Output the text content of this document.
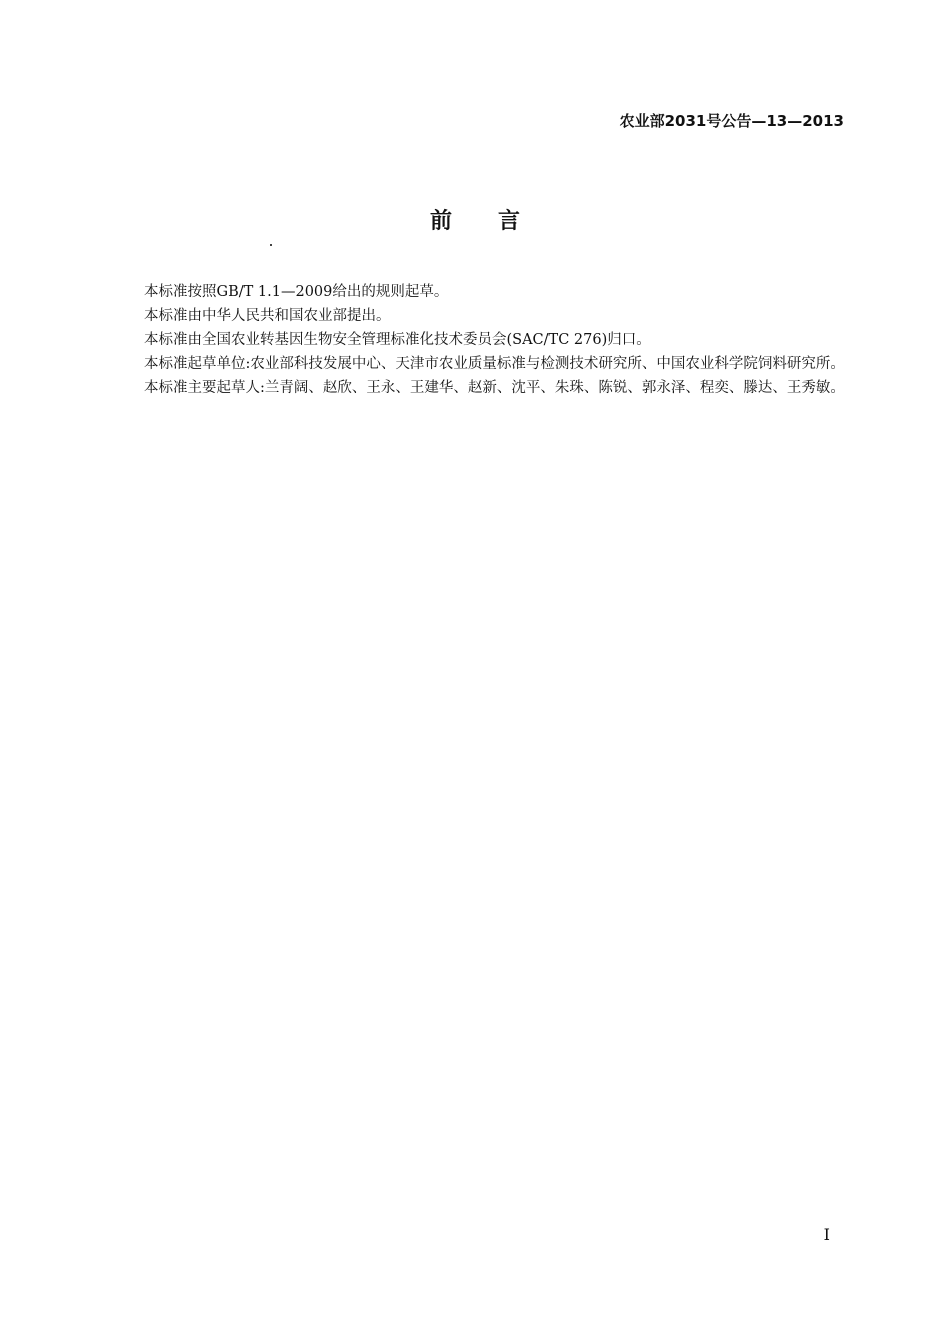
农业部2031号公告—13—2013
前言

本标准按照GB/T 1.1—2009给出的规则起草。

本标准由中华人民共和国农业部提出。

本标准由全国农业转基因生物安全管理标准化技术委员会(SAC/TC 276)归口。

本标准起草单位:农业部科技发展中心、天津市农业质量标准与检测技术研究所、中国农业科学院饲料研究所。

本标准主要起草人:兰青阔、赵欣、王永、王建华、赵新、沈平、朱珠、陈锐、郭永泽、程奕、滕达、王秀敏。

I
